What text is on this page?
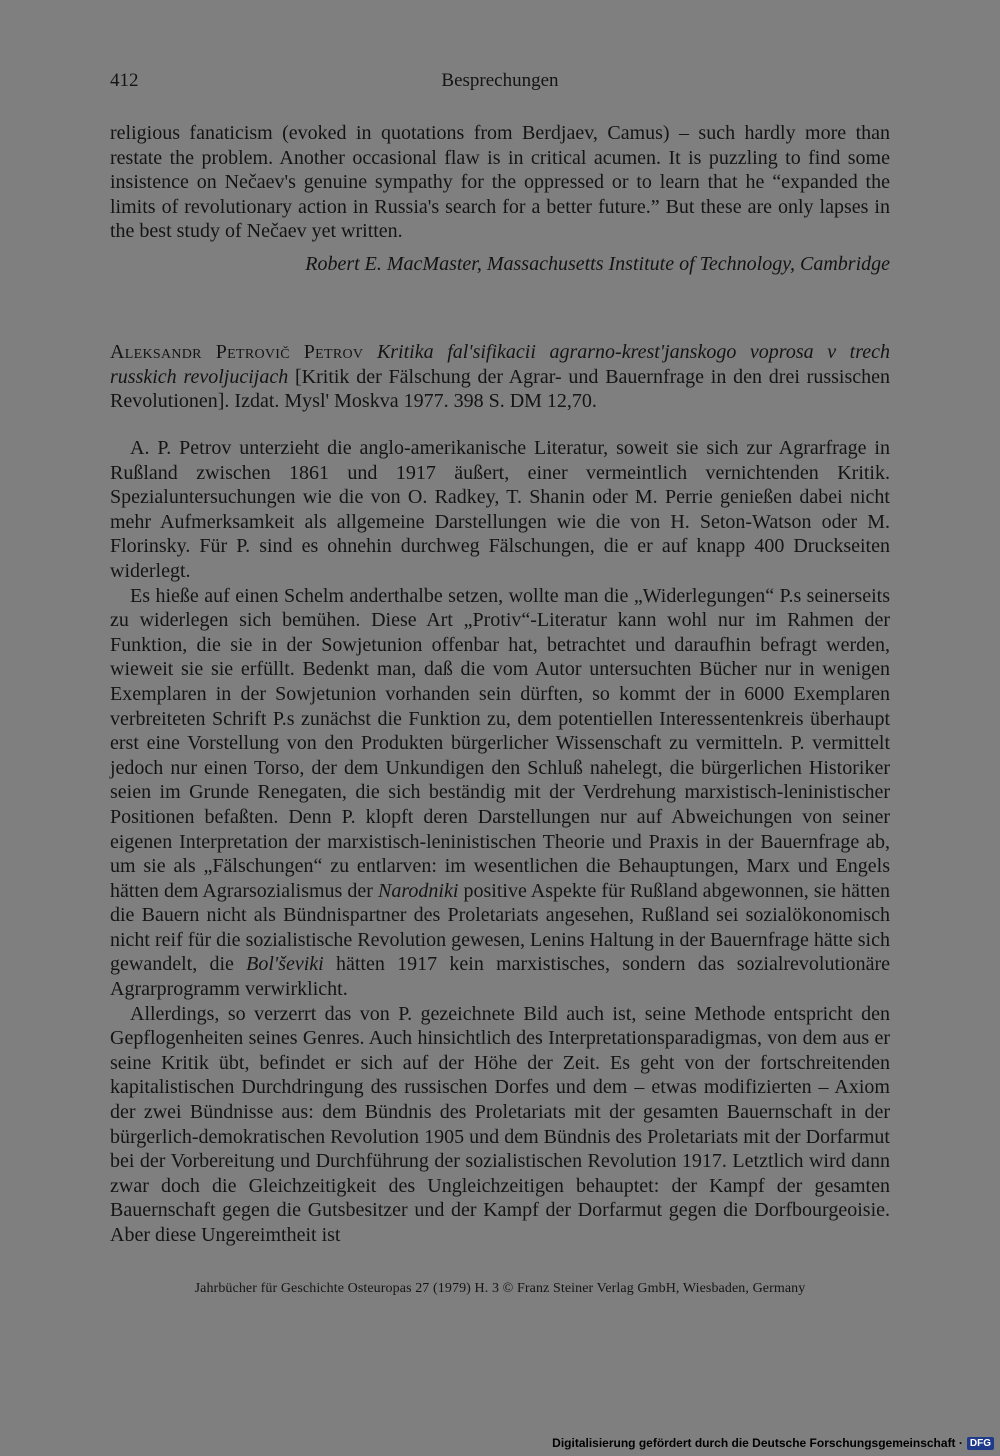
412	Besprechungen

religious fanaticism (evoked in quotations from Berdjaev, Camus) – such hardly more than restate the problem. Another occasional flaw is in critical acumen. It is puzzling to find some insistence on Nečaev's genuine sympathy for the oppressed or to learn that he “expanded the limits of revolutionary action in Russia's search for a better future.” But these are only lapses in the best study of Nečaev yet written.

Robert E. MacMaster, Massachusetts Institute of Technology, Cambridge
Aleksandr Petrovič Petrov Kritika fal'sifikacii agrarno-krest'janskogo voprosa v trech russkich revoljucijach [Kritik der Fälschung der Agrar- und Bauernfrage in den drei russischen Revolutionen]. Izdat. Mysl' Moskva 1977. 398 S. DM 12,70.

A. P. Petrov unterzieht die anglo-amerikanische Literatur, soweit sie sich zur Agrarfrage in Rußland zwischen 1861 und 1917 äußert, einer vermeintlich vernichtenden Kritik. Spezialuntersuchungen wie die von O. Radkey, T. Shanin oder M. Perrie genießen dabei nicht mehr Aufmerksamkeit als allgemeine Darstellungen wie die von H. Seton-Watson oder M. Florinsky. Für P. sind es ohnehin durchweg Fälschungen, die er auf knapp 400 Druckseiten widerlegt.

Es hieße auf einen Schelm anderthalbe setzen, wollte man die „Widerlegungen“ P.s seinerseits zu widerlegen sich bemühen. Diese Art „Protiv“-Literatur kann wohl nur im Rahmen der Funktion, die sie in der Sowjetunion offenbar hat, betrachtet und daraufhin befragt werden, wieweit sie sie erfüllt. Bedenkt man, daß die vom Autor untersuchten Bücher nur in wenigen Exemplaren in der Sowjetunion vorhanden sein dürften, so kommt der in 6000 Exemplaren verbreiteten Schrift P.s zunächst die Funktion zu, dem potentiellen Interessentenkreis überhaupt erst eine Vorstellung von den Produkten bürgerlicher Wissenschaft zu vermitteln. P. vermittelt jedoch nur einen Torso, der dem Unkundigen den Schluß nahelegt, die bürgerlichen Historiker seien im Grunde Renegaten, die sich beständig mit der Verdrehung marxistisch-leninistischer Positionen befaßten. Denn P. klopft deren Darstellungen nur auf Abweichungen von seiner eigenen Interpretation der marxistisch-leninistischen Theorie und Praxis in der Bauernfrage ab, um sie als „Fälschungen“ zu entlarven: im wesentlichen die Behauptungen, Marx und Engels hätten dem Agrarsozialismus der Narodniki positive Aspekte für Rußland abgewonnen, sie hätten die Bauern nicht als Bündnispartner des Proletariats angesehen, Rußland sei sozialökonomisch nicht reif für die sozialistische Revolution gewesen, Lenins Haltung in der Bauernfrage hätte sich gewandelt, die Bol'ševiki hätten 1917 kein marxistisches, sondern das sozialrevolutionäre Agrarprogramm verwirklicht.

Allerdings, so verzerrt das von P. gezeichnete Bild auch ist, seine Methode entspricht den Gepflogenheiten seines Genres. Auch hinsichtlich des Interpretationsparadigmas, von dem aus er seine Kritik übt, befindet er sich auf der Höhe der Zeit. Es geht von der fortschreitenden kapitalistischen Durchdringung des russischen Dorfes und dem – etwas modifizierten – Axiom der zwei Bündnisse aus: dem Bündnis des Proletariats mit der gesamten Bauernschaft in der bürgerlich-demokratischen Revolution 1905 und dem Bündnis des Proletariats mit der Dorfarmut bei der Vorbereitung und Durchführung der sozialistischen Revolution 1917. Letztlich wird dann zwar doch die Gleichzeitigkeit des Ungleichzeitigen behauptet: der Kampf der gesamten Bauernschaft gegen die Gutsbesitzer und der Kampf der Dorfarmut gegen die Dorfbourgeoisie. Aber diese Ungereimtheit ist

Jahrbücher für Geschichte Osteuropas 27 (1979) H. 3 © Franz Steiner Verlag GmbH, Wiesbaden, Germany
Digitalisierung gefördert durch die Deutsche Forschungsgemeinschaft · DFG
